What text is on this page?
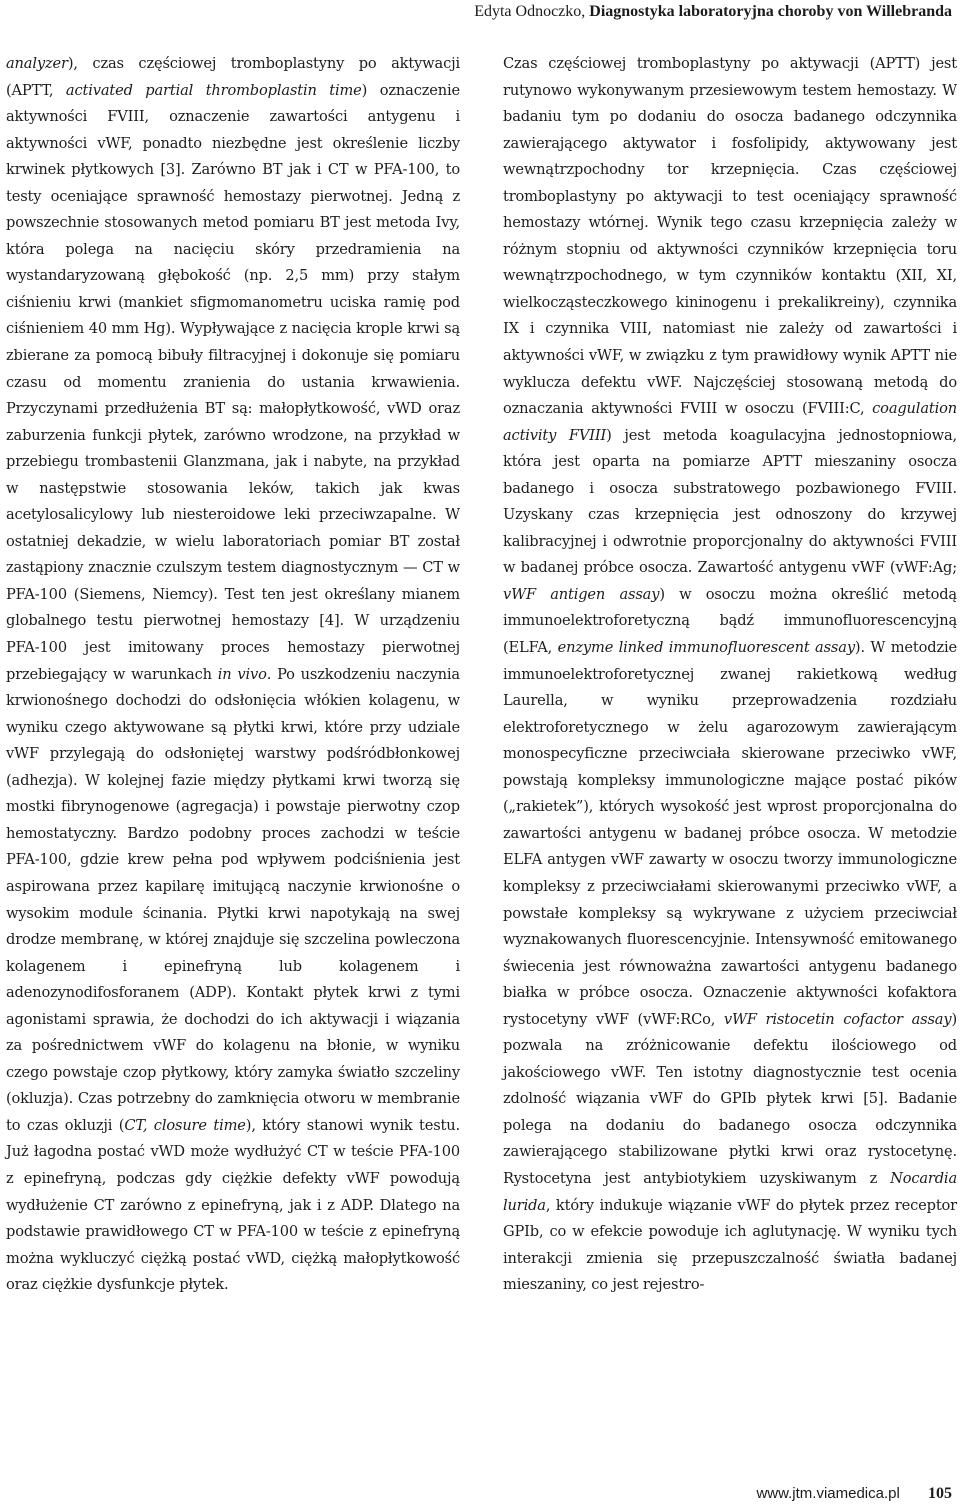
Edyta Odnoczko, Diagnostyka laboratoryjna choroby von Willebranda

analyzer), czas częściowej tromboplastyny po aktywacji (APTT, activated partial thromboplastin time) oznaczenie aktywności FVIII, oznaczenie zawartości antygenu i aktywności vWF, ponadto niezbędne jest określenie liczby krwinek płytkowych [3]. Zarówno BT jak i CT w PFA-100, to testy oceniające sprawność hemostazy pierwotnej. Jedną z powszechnie stosowanych metod pomiaru BT jest metoda Ivy, która polega na nacięciu skóry przedramienia na wystandaryzowaną głębokość (np. 2,5 mm) przy stałym ciśnieniu krwi (mankiet sfigmomanometru uciska ramię pod ciśnieniem 40 mm Hg). Wypływające z nacięcia krople krwi są zbierane za pomocą bibuły filtracyjnej i dokonuje się pomiaru czasu od momentu zranienia do ustania krwawienia. Przyczynami przedłużenia BT są: małopłytkowość, vWD oraz zaburzenia funkcji płytek, zarówno wrodzone, na przykład w przebiegu trombastenii Glanzmana, jak i nabyte, na przykład w następstwie stosowania leków, takich jak kwas acetylosalicylowy lub niesteroidowe leki przeciwzapalne. W ostatniej dekadzie, w wielu laboratoriach pomiar BT został zastąpiony znacznie czulszym testem diagnostycznym — CT w PFA-100 (Siemens, Niemcy). Test ten jest określany mianem globalnego testu pierwotnej hemostazy [4]. W urządzeniu PFA-100 jest imitowany proces hemostazy pierwotnej przebiegający w warunkach in vivo. Po uszkodzeniu naczynia krwionośnego dochodzi do odsłonięcia włókien kolagenu, w wyniku czego aktywowane są płytki krwi, które przy udziale vWF przylegają do odsłoniętej warstwy podśródbłonkowej (adhezja). W kolejnej fazie między płytkami krwi tworzą się mostki fibrynogenowe (agregacja) i powstaje pierwotny czop hemostatyczny. Bardzo podobny proces zachodzi w teście PFA-100, gdzie krew pełna pod wpływem podciśnienia jest aspirowana przez kapilarę imitującą naczynie krwionośne o wysokim module ścinania. Płytki krwi napotykają na swej drodze membranę, w której znajduje się szczelina powleczona kolagenem i epinefryną lub kolagenem i adenozynodifosforanem (ADP). Kontakt płytek krwi z tymi agonistami sprawia, że dochodzi do ich aktywacji i wiązania za pośrednictwem vWF do kolagenu na błonie, w wyniku czego powstaje czop płytkowy, który zamyka światło szczeliny (okluzja). Czas potrzebny do zamknięcia otworu w membranie to czas okluzji (CT, closure time), który stanowi wynik testu. Już łagodna postać vWD może wydłużyć CT w teście PFA-100 z epinefryną, podczas gdy ciężkie defekty vWF powodują wydłużenie CT zarówno z epinefryną, jak i z ADP. Dlatego na podstawie prawidłowego CT w PFA-100 w teście z epinefryną można wykluczyć ciężką postać vWD, ciężką małopłytkowość oraz ciężkie dysfunkcje płytek.

Czas częściowej tromboplastyny po aktywacji (APTT) jest rutynowo wykonywanym przesiewowym testem hemostazy. W badaniu tym po dodaniu do osocza badanego odczynnika zawierającego aktywator i fosfolipidy, aktywowany jest wewnątrzpochodny tor krzepnięcia. Czas częściowej tromboplastyny po aktywacji to test oceniający sprawność hemostazy wtórnej. Wynik tego czasu krzepnięcia zależy w różnym stopniu od aktywności czynników krzepnięcia toru wewnątrzpochodnego, w tym czynników kontaktu (XII, XI, wielkocząsteczkowego kininogenu i prekalikreiny), czynnika IX i czynnika VIII, natomiast nie zależy od zawartości i aktywności vWF, w związku z tym prawidłowy wynik APTT nie wyklucza defektu vWF. Najczęściej stosowaną metodą do oznaczania aktywności FVIII w osoczu (FVIII:C, coagulation activity FVIII) jest metoda koagulacyjna jednostopniowa, która jest oparta na pomiarze APTT mieszaniny osocza badanego i osocza substratowego pozbawionego FVIII. Uzyskany czas krzepnięcia jest odnoszony do krzywej kalibracyjnej i odwrotnie proporcjonalny do aktywności FVIII w badanej próbce osocza. Zawartość antygenu vWF (vWF:Ag; vWF antigen assay) w osoczu można określić metodą immunoelektroforetyczną bądź immunofluorescencyjną (ELFA, enzyme linked immunofluorescent assay). W metodzie immunoelektroforetycznej zwanej rakietkową według Laurella, w wyniku przeprowadzenia rozdziału elektroforetycznego w żelu agarozowym zawierającym monospecyficzne przeciwciała skierowane przeciwko vWF, powstają kompleksy immunologiczne mające postać pików („rakietek”), których wysokość jest wprost proporcjonalna do zawartości antygenu w badanej próbce osocza. W metodzie ELFA antygen vWF zawarty w osoczu tworzy immunologiczne kompleksy z przeciwciałami skierowanymi przeciwko vWF, a powstałe kompleksy są wykrywane z użyciem przeciwciał wyznakowanych fluorescencyjnie. Intensywność emitowanego świecenia jest równoważna zawartości antygenu badanego białka w próbce osocza. Oznaczenie aktywności kofaktora rystocetyny vWF (vWF:RCo, vWF ristocetin cofactor assay) pozwala na zróżnicowanie defektu ilościowego od jakościowego vWF. Ten istotny diagnostycznie test ocenia zdolność wiązania vWF do GPIb płytek krwi [5]. Badanie polega na dodaniu do badanego osocza odczynnika zawierającego stabilizowane płytki krwi oraz rystocetynę. Rystocetyna jest antybiotykiem uzyskiwanym z Nocardia lurida, który indukuje wiązanie vWF do płytek przez receptor GPIb, co w efekcie powoduje ich aglutynację. W wyniku tych interakcji zmienia się przepuszczalność światła badanej mieszaniny, co jest rejestro-

www.jtm.viamedica.pl 105
